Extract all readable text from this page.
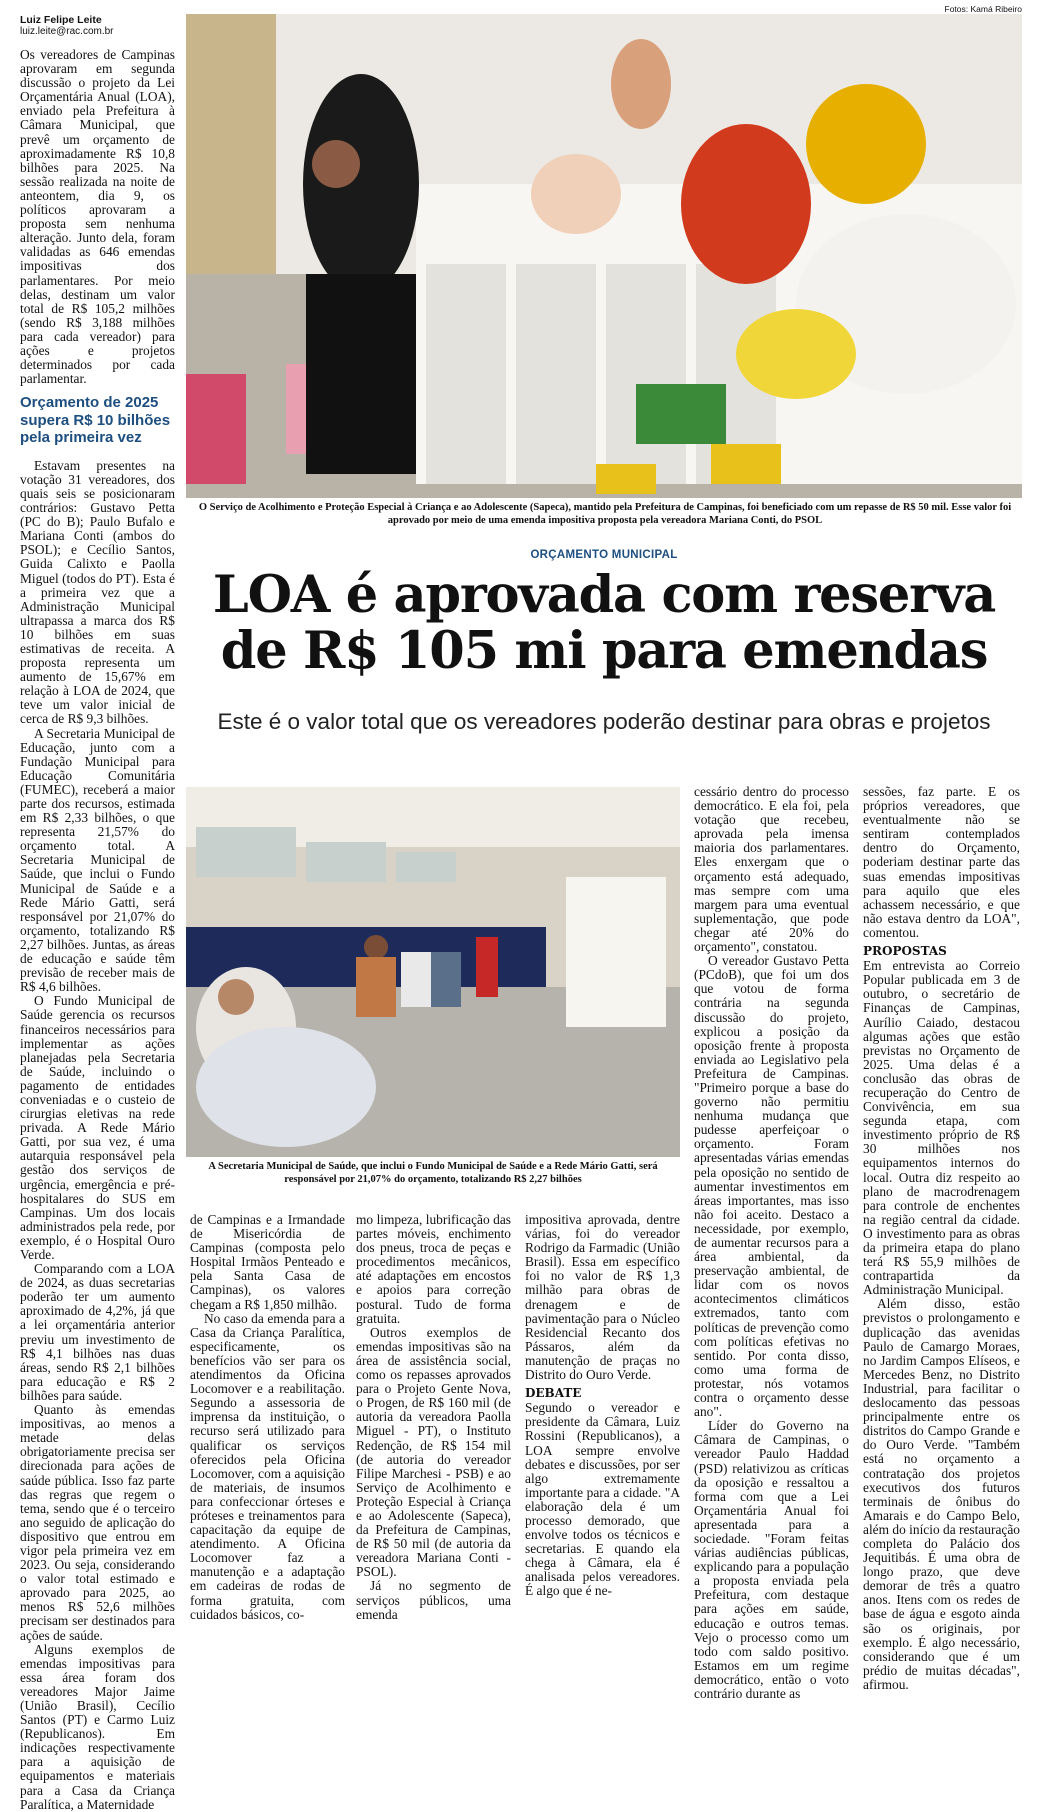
Luiz Felipe Leite
luiz.leite@rac.com.br

Os vereadores de Campinas aprovaram em segunda discussão o projeto da Lei Orçamentária Anual (LOA), enviado pela Prefeitura à Câmara Municipal, que prevê um orçamento de aproximadamente R$ 10,8 bilhões para 2025. Na sessão realizada na noite de anteontem, dia 9, os políticos aprovaram a proposta sem nenhuma alteração. Junto dela, foram validadas as 646 emendas impositivas dos parlamentares. Por meio delas, destinam um valor total de R$ 105,2 milhões (sendo R$ 3,188 milhões para cada vereador) para ações e projetos determinados por cada parlamentar.

Orçamento de 2025 supera R$ 10 bilhões pela primeira vez

Estavam presentes na votação 31 vereadores, dos quais seis se posicionaram contrários: Gustavo Petta (PC do B); Paulo Bufalo e Mariana Conti (ambos do PSOL); e Cecílio Santos, Guida Calixto e Paolla Miguel (todos do PT). Esta é a primeira vez que a Administração Municipal ultrapassa a marca dos R$ 10 bilhões em suas estimativas de receita. A proposta representa um aumento de 15,67% em relação à LOA de 2024, que teve um valor inicial de cerca de R$ 9,3 bilhões.

A Secretaria Municipal de Educação, junto com a Fundação Municipal para Educação Comunitária (FUMEC), receberá a maior parte dos recursos, estimada em R$ 2,33 bilhões, o que representa 21,57% do orçamento total. A Secretaria Municipal de Saúde, que inclui o Fundo Municipal de Saúde e a Rede Mário Gatti, será responsável por 21,07% do orçamento, totalizando R$ 2,27 bilhões. Juntas, as áreas de educação e saúde têm previsão de receber mais de R$ 4,6 bilhões.

O Fundo Municipal de Saúde gerencia os recursos financeiros necessários para implementar as ações planejadas pela Secretaria de Saúde, incluindo o pagamento de entidades conveniadas e o custeio de cirurgias eletivas na rede privada. A Rede Mário Gatti, por sua vez, é uma autarquia responsável pela gestão dos serviços de urgência, emergência e pré-hospitalares do SUS em Campinas. Um dos locais administrados pela rede, por exemplo, é o Hospital Ouro Verde.

Comparando com a LOA de 2024, as duas secretarias poderão ter um aumento aproximado de 4,2%, já que a lei orçamentária anterior previu um investimento de R$ 4,1 bilhões nas duas áreas, sendo R$ 2,1 bilhões para educação e R$ 2 bilhões para saúde.

Quanto às emendas impositivas, ao menos a metade delas obrigatoriamente precisa ser direcionada para ações de saúde pública. Isso faz parte das regras que regem o tema, sendo que é o terceiro ano seguido de aplicação do dispositivo que entrou em vigor pela primeira vez em 2023. Ou seja, considerando o valor total estimado e aprovado para 2025, ao menos R$ 52,6 milhões precisam ser destinados para ações de saúde.

Alguns exemplos de emendas impositivas para essa área foram dos vereadores Major Jaime (União Brasil), Cecílio Santos (PT) e Carmo Luiz (Republicanos). Em indicações respectivamente para a aquisição de equipamentos e materiais para a Casa da Criança Paralítica, a Maternidade

Fotos: Kamá Ribeiro
O Serviço de Acolhimento e Proteção Especial à Criança e ao Adolescente (Sapeca), mantido pela Prefeitura de Campinas, foi beneficiado com um repasse de R$ 50 mil. Esse valor foi aprovado por meio de uma emenda impositiva proposta pela vereadora Mariana Conti, do PSOL
ORÇAMENTO MUNICIPAL
LOA é aprovada com reserva de R$ 105 mi para emendas
Este é o valor total que os vereadores poderão destinar para obras e projetos
A Secretaria Municipal de Saúde, que inclui o Fundo Municipal de Saúde e a Rede Mário Gatti, será responsável por 21,07% do orçamento, totalizando R$ 2,27 bilhões

de Campinas e a Irmandade de Misericórdia de Campinas (composta pelo Hospital Irmãos Penteado e pela Santa Casa de Campinas), os valores chegam a R$ 1,850 milhão.

No caso da emenda para a Casa da Criança Paralítica, especificamente, os benefícios vão ser para os atendimentos da Oficina Locomover e a reabilitação. Segundo a assessoria de imprensa da instituição, o recurso será utilizado para qualificar os serviços oferecidos pela Oficina Locomover, com a aquisição de materiais, de insumos para confeccionar órteses e próteses e treinamentos para capacitação da equipe de atendimento. A Oficina Locomover faz a manutenção e a adaptação em cadeiras de rodas de forma gratuita, com cuidados básicos, co-

mo limpeza, lubrificação das partes móveis, enchimento dos pneus, troca de peças e procedimentos mecânicos, até adaptações em encostos e apoios para correção postural. Tudo de forma gratuita.

Outros exemplos de emendas impositivas são na área de assistência social, como os repasses aprovados para o Projeto Gente Nova, o Progen, de R$ 160 mil (de autoria da vereadora Paolla Miguel - PT), o Instituto Redenção, de R$ 154 mil (de autoria do vereador Filipe Marchesi - PSB) e ao Serviço de Acolhimento e Proteção Especial à Criança e ao Adolescente (Sapeca), da Prefeitura de Campinas, de R$ 50 mil (de autoria da vereadora Mariana Conti - PSOL).

Já no segmento de serviços públicos, uma emenda

impositiva aprovada, dentre várias, foi do vereador Rodrigo da Farmadic (União Brasil). Essa em específico foi no valor de R$ 1,3 milhão para obras de drenagem e de pavimentação para o Núcleo Residencial Recanto dos Pássaros, além da manutenção de praças no Distrito do Ouro Verde.

DEBATE

Segundo o vereador e presidente da Câmara, Luiz Rossini (Republicanos), a LOA sempre envolve debates e discussões, por ser algo extremamente importante para a cidade. "A elaboração dela é um processo demorado, que envolve todos os técnicos e secretarias. E quando ela chega à Câmara, ela é analisada pelos vereadores. É algo que é ne-

cessário dentro do processo democrático. E ela foi, pela votação que recebeu, aprovada pela imensa maioria dos parlamentares. Eles enxergam que o orçamento está adequado, mas sempre com uma margem para uma eventual suplementação, que pode chegar até 20% do orçamento", constatou.

O vereador Gustavo Petta (PCdoB), que foi um dos que votou de forma contrária na segunda discussão do projeto, explicou a posição da oposição frente à proposta enviada ao Legislativo pela Prefeitura de Campinas. "Primeiro porque a base do governo não permitiu nenhuma mudança que pudesse aperfeiçoar o orçamento. Foram apresentadas várias emendas pela oposição no sentido de aumentar investimentos em áreas importantes, mas isso não foi aceito. Destaco a necessidade, por exemplo, de aumentar recursos para a área ambiental, da preservação ambiental, de lidar com os novos acontecimentos climáticos extremados, tanto com políticas de prevenção como com políticas efetivas no sentido. Por conta disso, como uma forma de protestar, nós votamos contra o orçamento desse ano".

Líder do Governo na Câmara de Campinas, o vereador Paulo Haddad (PSD) relativizou as críticas da oposição e ressaltou a forma com que a Lei Orçamentária Anual foi apresentada para a sociedade. "Foram feitas várias audiências públicas, explicando para a população a proposta enviada pela Prefeitura, com destaque para ações em saúde, educação e outros temas. Vejo o processo como um todo com saldo positivo. Estamos em um regime democrático, então o voto contrário durante as

sessões, faz parte. E os próprios vereadores, que eventualmente não se sentiram contemplados dentro do Orçamento, poderiam destinar parte das suas emendas impositivas para aquilo que eles achassem necessário, e que não estava dentro da LOA", comentou.

PROPOSTAS

Em entrevista ao Correio Popular publicada em 3 de outubro, o secretário de Finanças de Campinas, Aurílio Caiado, destacou algumas ações que estão previstas no Orçamento de 2025. Uma delas é a conclusão das obras de recuperação do Centro de Convivência, em sua segunda etapa, com investimento próprio de R$ 30 milhões nos equipamentos internos do local. Outra diz respeito ao plano de macrodrenagem para controle de enchentes na região central da cidade. O investimento para as obras da primeira etapa do plano terá R$ 55,9 milhões de contrapartida da Administração Municipal.

Além disso, estão previstos o prolongamento e duplicação das avenidas Paulo de Camargo Moraes, no Jardim Campos Elíseos, e Mercedes Benz, no Distrito Industrial, para facilitar o deslocamento das pessoas principalmente entre os distritos do Campo Grande e do Ouro Verde. "Também está no orçamento a contratação dos projetos executivos dos futuros terminais de ônibus do Amarais e do Campo Belo, além do início da restauração completa do Palácio dos Jequitibás. É uma obra de longo prazo, que deve demorar de três a quatro anos. Itens com os redes de base de água e esgoto ainda são os originais, por exemplo. É algo necessário, considerando que é um prédio de muitas décadas", afirmou.
